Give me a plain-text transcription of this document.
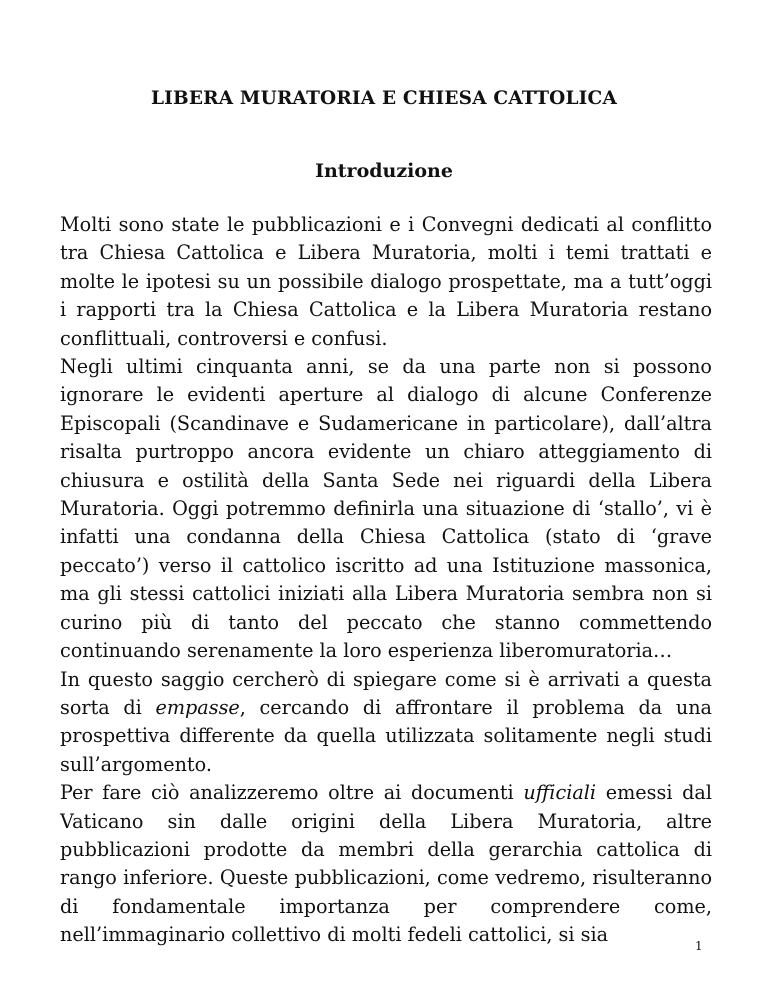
LIBERA MURATORIA E CHIESA CATTOLICA
Introduzione

Molti sono state le pubblicazioni e i Convegni dedicati al conflitto tra Chiesa Cattolica e Libera Muratoria, molti i temi trattati e molte le ipotesi su un possibile dialogo prospettate, ma a tutt’oggi i rapporti tra la Chiesa Cattolica e la Libera Muratoria restano conflittuali, controversi e confusi.

Negli ultimi cinquanta anni, se da una parte non si possono ignorare le evidenti aperture al dialogo di alcune Conferenze Episcopali (Scandinave e Sudamericane in particolare), dall’altra risalta purtroppo ancora evidente un chiaro atteggiamento di chiusura e ostilità della Santa Sede nei riguardi della Libera Muratoria. Oggi potremmo definirla una situazione di ‘stallo’, vi è infatti una condanna della Chiesa Cattolica (stato di ‘grave peccato’) verso il cattolico iscritto ad una Istituzione massonica, ma gli stessi cattolici iniziati alla Libera Muratoria sembra non si curino più di tanto del peccato che stanno commettendo continuando serenamente la loro esperienza liberomuratoria…

In questo saggio cercherò di spiegare come si è arrivati a questa sorta di empasse, cercando di affrontare il problema da una prospettiva differente da quella utilizzata solitamente negli studi sull’argomento.

Per fare ciò analizzeremo oltre ai documenti ufficiali emessi dal Vaticano sin dalle origini della Libera Muratoria, altre pubblicazioni prodotte da membri della gerarchia cattolica di rango inferiore. Queste pubblicazioni, come vedremo, risulteranno di fondamentale importanza per comprendere come, nell’immaginario collettivo di molti fedeli cattolici, si sia	1
